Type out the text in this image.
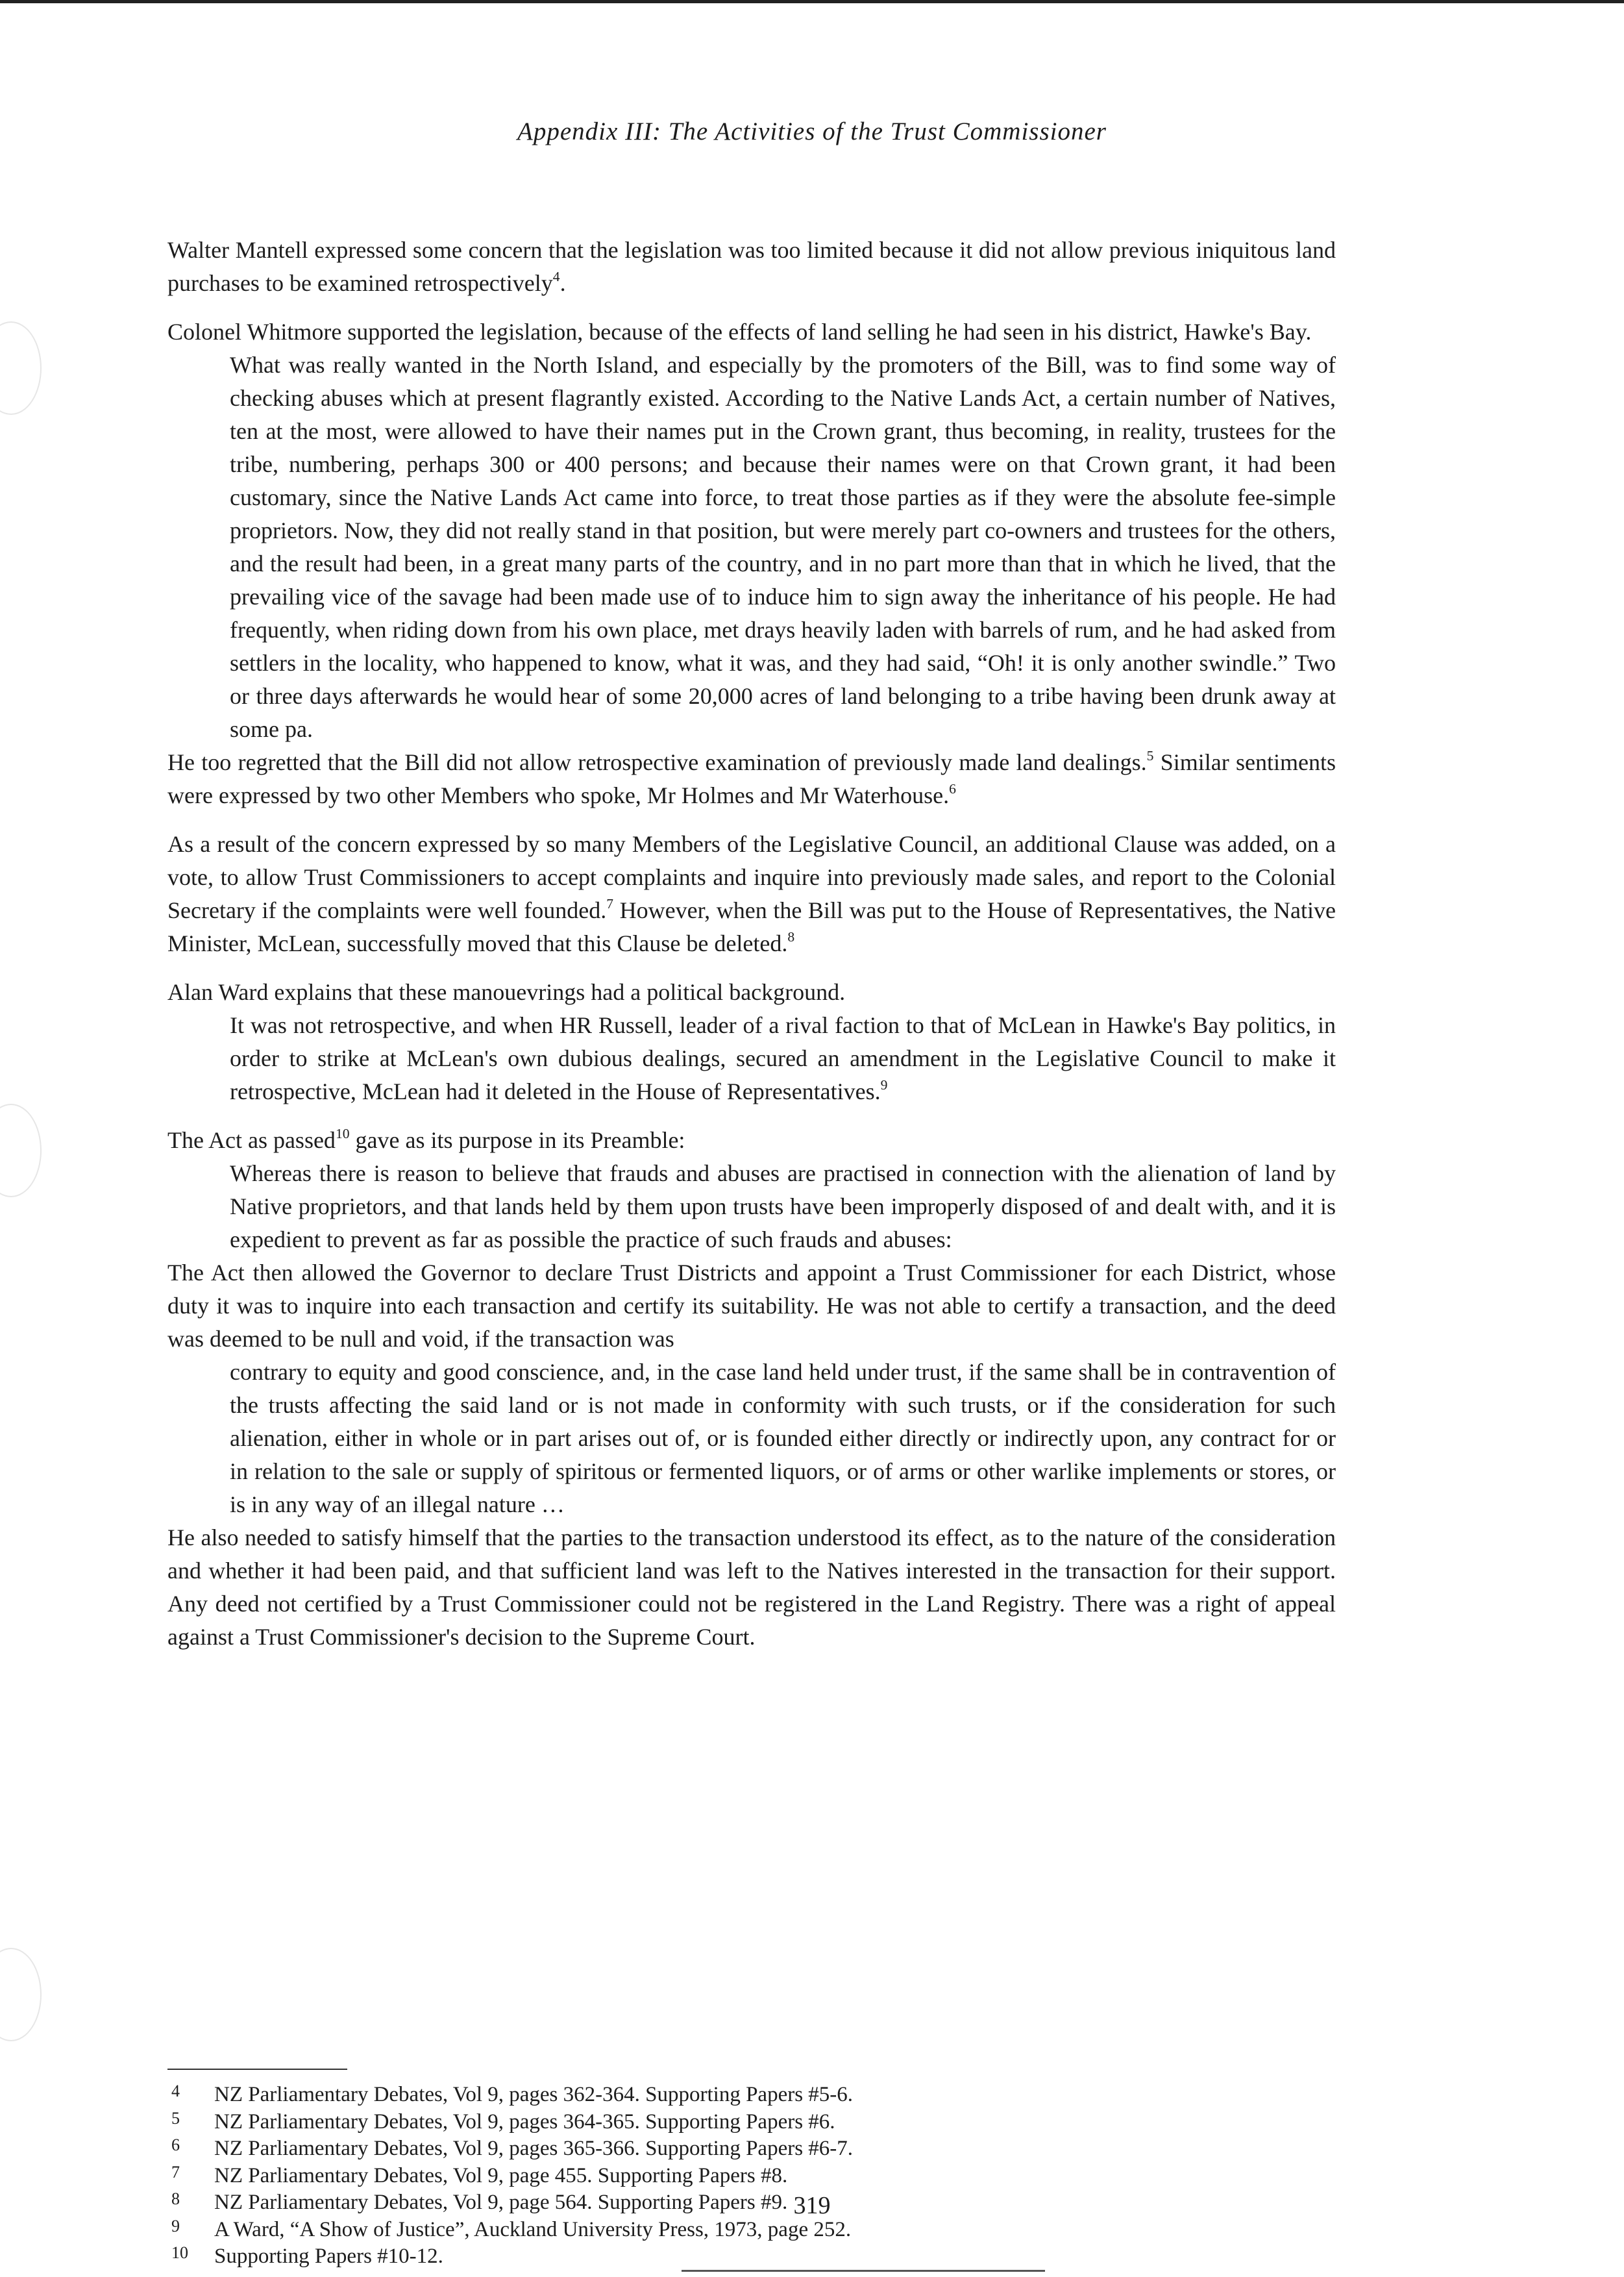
Appendix III: The Activities of the Trust Commissioner

Walter Mantell expressed some concern that the legislation was too limited because it did not allow previous iniquitous land purchases to be examined retrospectively$^4$.

Colonel Whitmore supported the legislation, because of the effects of land selling he had seen in his district, Hawke's Bay.

What was really wanted in the North Island, and especially by the promoters of the Bill, was to find some way of checking abuses which at present flagrantly existed. According to the Native Lands Act, a certain number of Natives, ten at the most, were allowed to have their names put in the Crown grant, thus becoming, in reality, trustees for the tribe, numbering, perhaps 300 or 400 persons; and because their names were on that Crown grant, it had been customary, since the Native Lands Act came into force, to treat those parties as if they were the absolute fee-simple proprietors. Now, they did not really stand in that position, but were merely part co-owners and trustees for the others, and the result had been, in a great many parts of the country, and in no part more than that in which he lived, that the prevailing vice of the savage had been made use of to induce him to sign away the inheritance of his people. He had frequently, when riding down from his own place, met drays heavily laden with barrels of rum, and he had asked from settlers in the locality, who happened to know, what it was, and they had said, “Oh! it is only another swindle.” Two or three days afterwards he would hear of some 20,000 acres of land belonging to a tribe having been drunk away at some pa.

He too regretted that the Bill did not allow retrospective examination of previously made land dealings.$^5$ Similar sentiments were expressed by two other Members who spoke, Mr Holmes and Mr Waterhouse.$^6$

As a result of the concern expressed by so many Members of the Legislative Council, an additional Clause was added, on a vote, to allow Trust Commissioners to accept complaints and inquire into previously made sales, and report to the Colonial Secretary if the complaints were well founded.$^7$ However, when the Bill was put to the House of Representatives, the Native Minister, McLean, successfully moved that this Clause be deleted.$^8$

Alan Ward explains that these manouevrings had a political background.

It was not retrospective, and when HR Russell, leader of a rival faction to that of McLean in Hawke's Bay politics, in order to strike at McLean's own dubious dealings, secured an amendment in the Legislative Council to make it retrospective, McLean had it deleted in the House of Representatives.$^9$

The Act as passed$^{10}$ gave as its purpose in its Preamble:

Whereas there is reason to believe that frauds and abuses are practised in connection with the alienation of land by Native proprietors, and that lands held by them upon trusts have been improperly disposed of and dealt with, and it is expedient to prevent as far as possible the practice of such frauds and abuses:

The Act then allowed the Governor to declare Trust Districts and appoint a Trust Commissioner for each District, whose duty it was to inquire into each transaction and certify its suitability. He was not able to certify a transaction, and the deed was deemed to be null and void, if the transaction was

contrary to equity and good conscience, and, in the case land held under trust, if the same shall be in contravention of the trusts affecting the said land or is not made in conformity with such trusts, or if the consideration for such alienation, either in whole or in part arises out of, or is founded either directly or indirectly upon, any contract for or in relation to the sale or supply of spiritous or fermented liquors, or of arms or other warlike implements or stores, or is in any way of an illegal nature …

He also needed to satisfy himself that the parties to the transaction understood its effect, as to the nature of the consideration and whether it had been paid, and that sufficient land was left to the Natives interested in the transaction for their support. Any deed not certified by a Trust Commissioner could not be registered in the Land Registry. There was a right of appeal against a Trust Commissioner's decision to the Supreme Court.

4	NZ Parliamentary Debates, Vol 9, pages 362-364. Supporting Papers #5-6.
5	NZ Parliamentary Debates, Vol 9, pages 364-365. Supporting Papers #6.
6	NZ Parliamentary Debates, Vol 9, pages 365-366. Supporting Papers #6-7.
7	NZ Parliamentary Debates, Vol 9, page 455. Supporting Papers #8.
8	NZ Parliamentary Debates, Vol 9, page 564. Supporting Papers #9.
9	A Ward, “A Show of Justice”, Auckland University Press, 1973, page 252.
10	Supporting Papers #10-12.
319
